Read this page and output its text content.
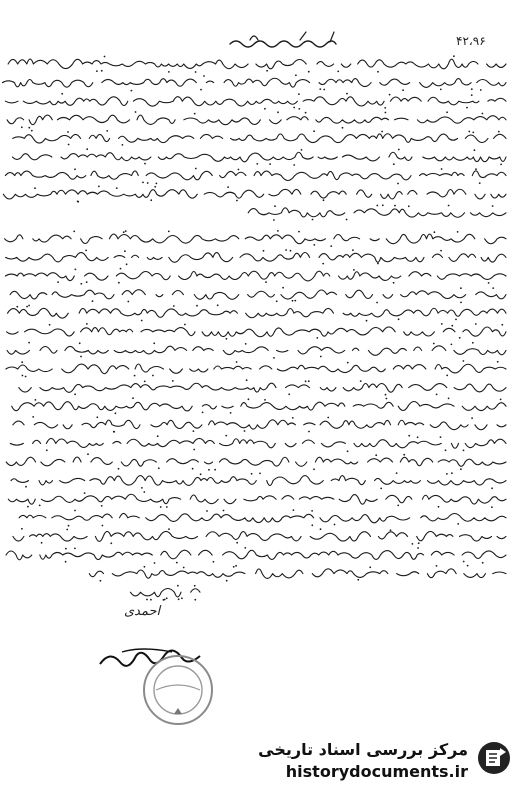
۴۲،۹۶
احمدی
مرکز بررسی اسناد تاریخی
historydocuments.ir
